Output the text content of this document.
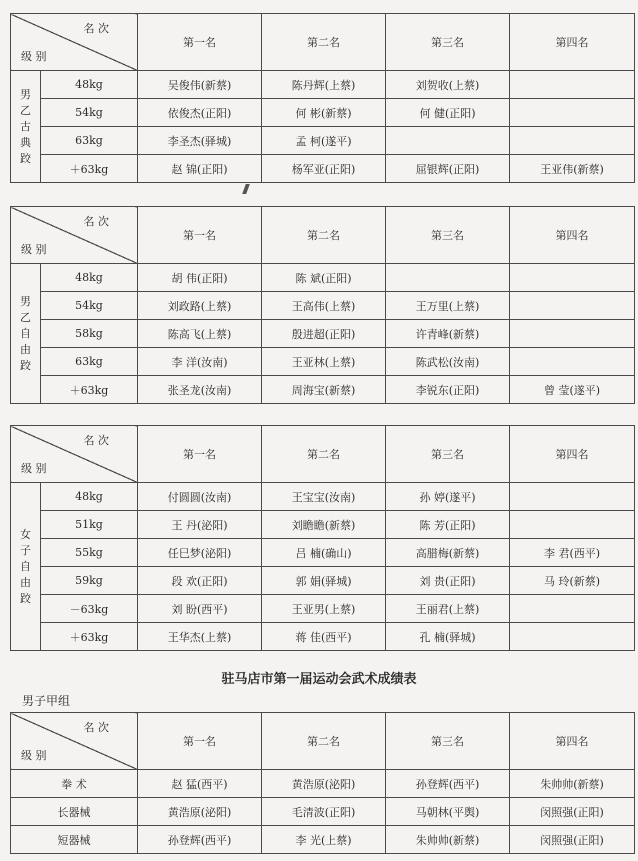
名 次
级 别		第一名	第二名	第三名	第四名

男
乙
古
典
跤	48kg	吴俊伟(新蔡)	陈丹辉(上蔡)	刘贺收(上蔡)	
	54kg	依俊杰(正阳)	何 彬(新蔡)	何 健(正阳)	
	63kg	李圣杰(驿城)	孟 柯(遂平)		
	＋63kg	赵 锦(正阳)	杨军亚(正阳)	屈银辉(正阳)	王亚伟(新蔡)
名 次
级 别		第一名	第二名	第三名	第四名

男
乙
自
由
跤	48kg	胡 伟(正阳)	陈 斌(正阳)		
	54kg	刘政路(上蔡)	王高伟(上蔡)	王万里(上蔡)	
	58kg	陈高飞(上蔡)	殷进超(正阳)	许青峰(新蔡)	
	63kg	李 洋(汝南)	王亚林(上蔡)	陈武松(汝南)	
	＋63kg	张圣龙(汝南)	周海宝(新蔡)	李锐东(正阳)	曾 莹(遂平)
名 次
级 别		第一名	第二名	第三名	第四名

女
子
自
由
跤	48kg	付圆圆(汝南)	王宝宝(汝南)	孙 婷(遂平)	
	51kg	王 丹(泌阳)	刘瞻瞻(新蔡)	陈 芳(正阳)	
	55kg	任巳梦(泌阳)	吕 楠(确山)	高腊梅(新蔡)	李 君(西平)
	59kg	段 欢(正阳)	郭 娟(驿城)	刘 贵(正阳)	马 玲(新蔡)
	－63kg	刘 盼(西平)	王亚男(上蔡)	王丽君(上蔡)	
	＋63kg	王华杰(上蔡)	蒋 佳(西平)	孔 楠(驿城)	
驻马店市第一届运动会武术成绩表
男子甲组
名 次
级 别	第一名	第二名	第三名	第四名
拳 术	赵 猛(西平)	黄浩原(泌阳)	孙登辉(西平)	朱帅帅(新蔡)
长器械	黄浩原(泌阳)	毛清波(正阳)	马朝林(平舆)	闵照强(正阳)
短器械	孙登辉(西平)	李 光(上蔡)	朱帅帅(新蔡)	闵照强(正阳)
